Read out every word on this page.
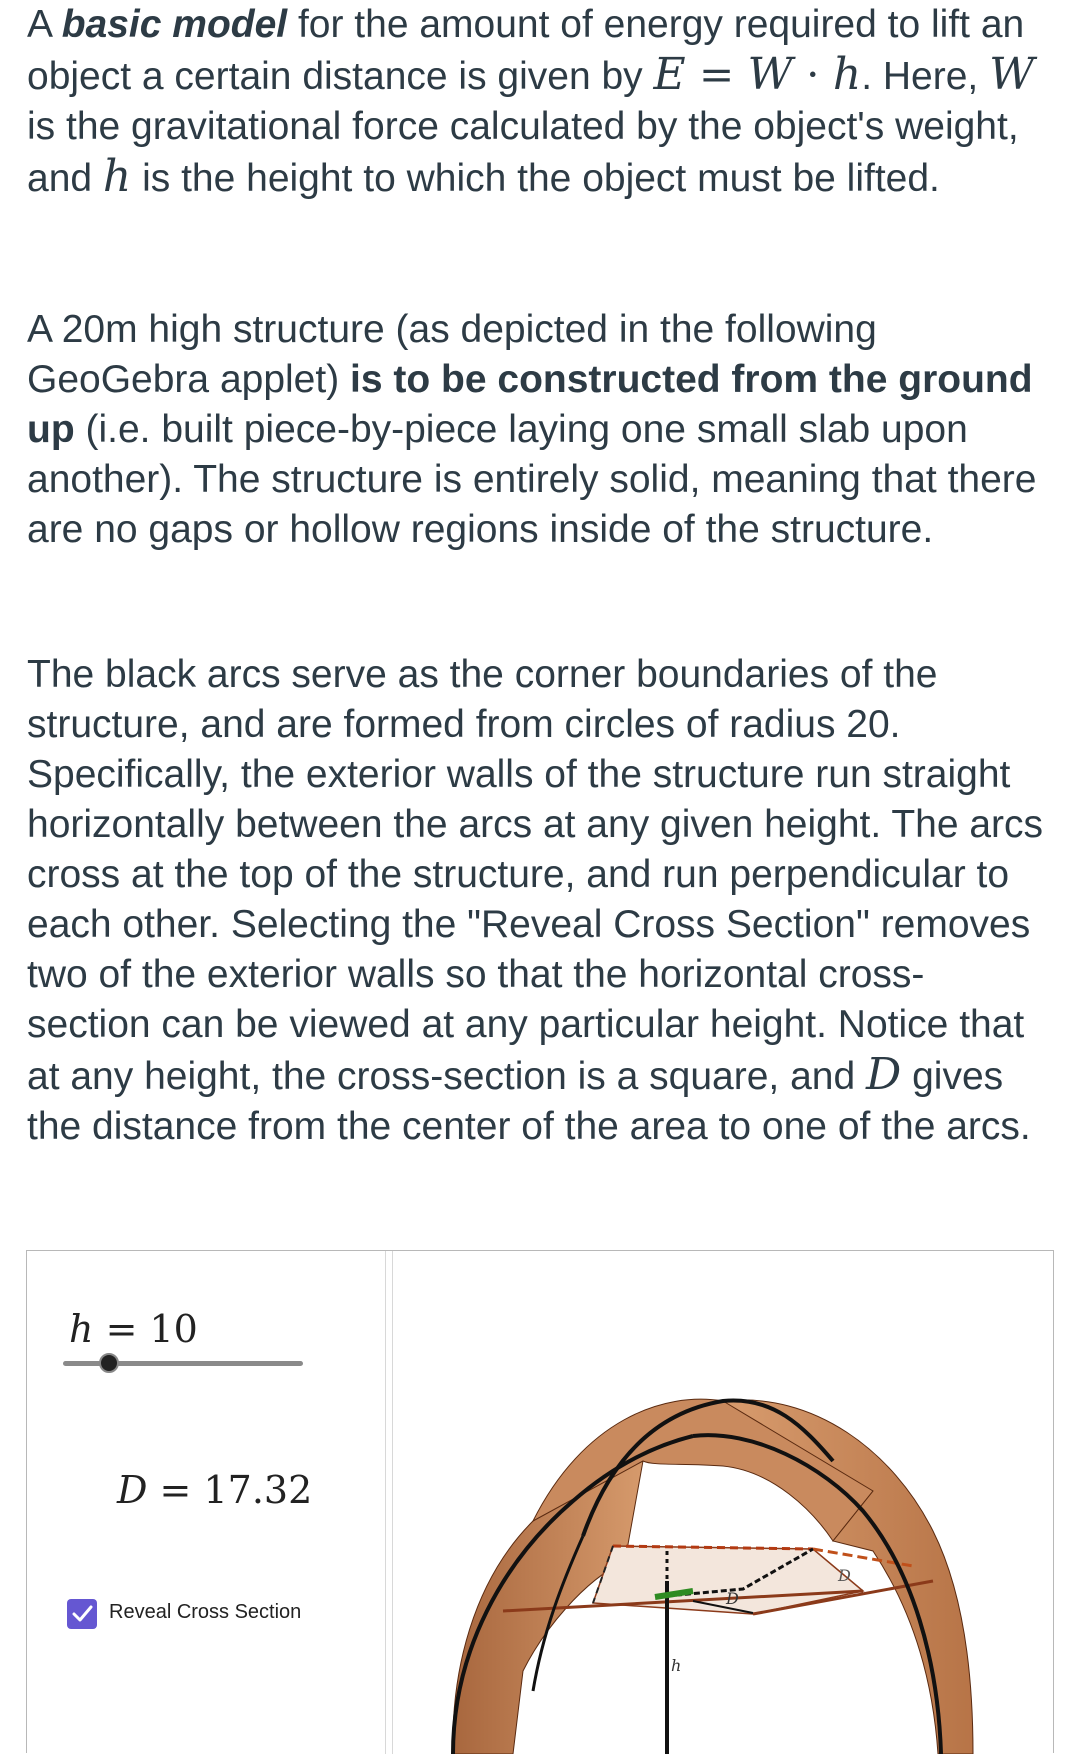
A basic model for the amount of energy required to lift an object a certain distance is given by E = W · h. Here, W is the gravitational force calculated by the object's weight, and h is the height to which the object must be lifted.

A 20m high structure (as depicted in the following GeoGebra applet) is to be constructed from the ground up (i.e. built piece-by-piece laying one small slab upon another). The structure is entirely solid, meaning that there are no gaps or hollow regions inside of the structure.

The black arcs serve as the corner boundaries of the structure, and are formed from circles of radius 20. Specifically, the exterior walls of the structure run straight horizontally between the arcs at any given height. The arcs cross at the top of the structure, and run perpendicular to each other. Selecting the "Reveal Cross Section" removes two of the exterior walls so that the horizontal cross-section can be viewed at any particular height. Notice that at any height, the cross-section is a square, and D gives the distance from the center of the area to one of the arcs.

h = 10
D = 17.32
Reveal Cross Section
h
D
D
